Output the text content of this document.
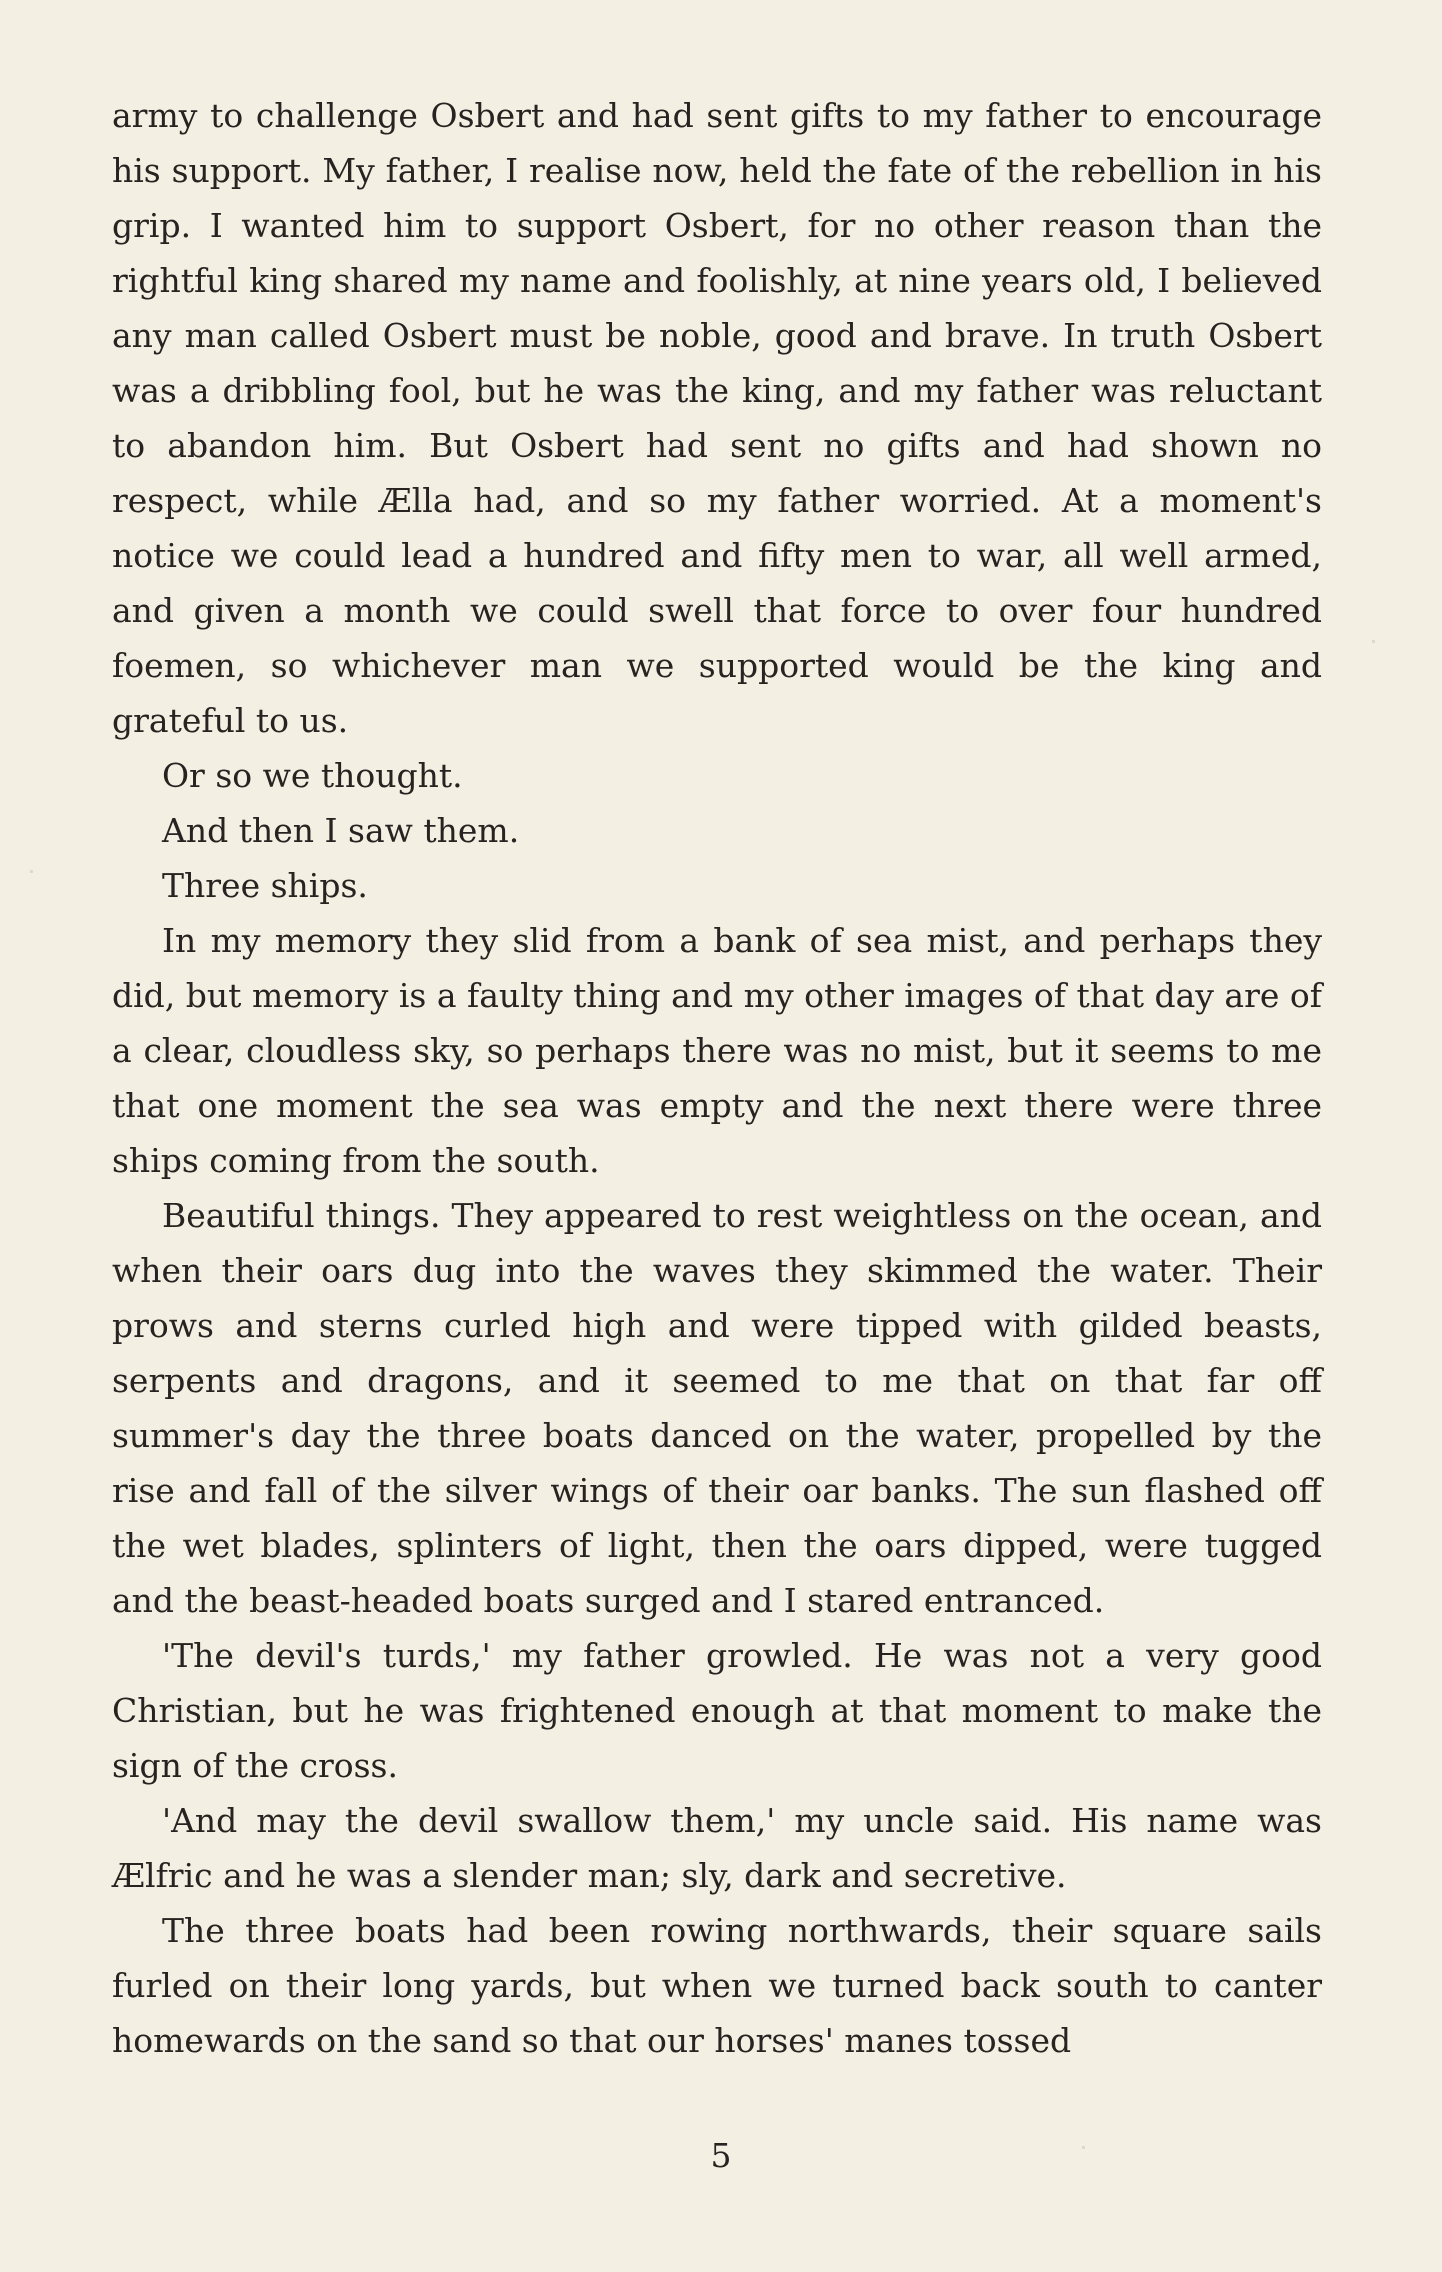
army to challenge Osbert and had sent gifts to my father to encourage his support. My father, I realise now, held the fate of the rebellion in his grip. I wanted him to support Osbert, for no other reason than the rightful king shared my name and foolishly, at nine years old, I believed any man called Osbert must be noble, good and brave. In truth Osbert was a dribbling fool, but he was the king, and my father was reluctant to abandon him. But Osbert had sent no gifts and had shown no respect, while Ælla had, and so my father worried. At a moment's notice we could lead a hundred and fifty men to war, all well armed, and given a month we could swell that force to over four hundred foemen, so whichever man we supported would be the king and grateful to us.

Or so we thought.

And then I saw them.

Three ships.

In my memory they slid from a bank of sea mist, and perhaps they did, but memory is a faulty thing and my other images of that day are of a clear, cloudless sky, so perhaps there was no mist, but it seems to me that one moment the sea was empty and the next there were three ships coming from the south.

Beautiful things. They appeared to rest weightless on the ocean, and when their oars dug into the waves they skimmed the water. Their prows and sterns curled high and were tipped with gilded beasts, serpents and dragons, and it seemed to me that on that far off summer's day the three boats danced on the water, propelled by the rise and fall of the silver wings of their oar banks. The sun flashed off the wet blades, splinters of light, then the oars dipped, were tugged and the beast-headed boats surged and I stared entranced.

'The devil's turds,' my father growled. He was not a very good Christian, but he was frightened enough at that moment to make the sign of the cross.

'And may the devil swallow them,' my uncle said. His name was Ælfric and he was a slender man; sly, dark and secretive.

The three boats had been rowing northwards, their square sails furled on their long yards, but when we turned back south to canter homewards on the sand so that our horses' manes tossed

5
